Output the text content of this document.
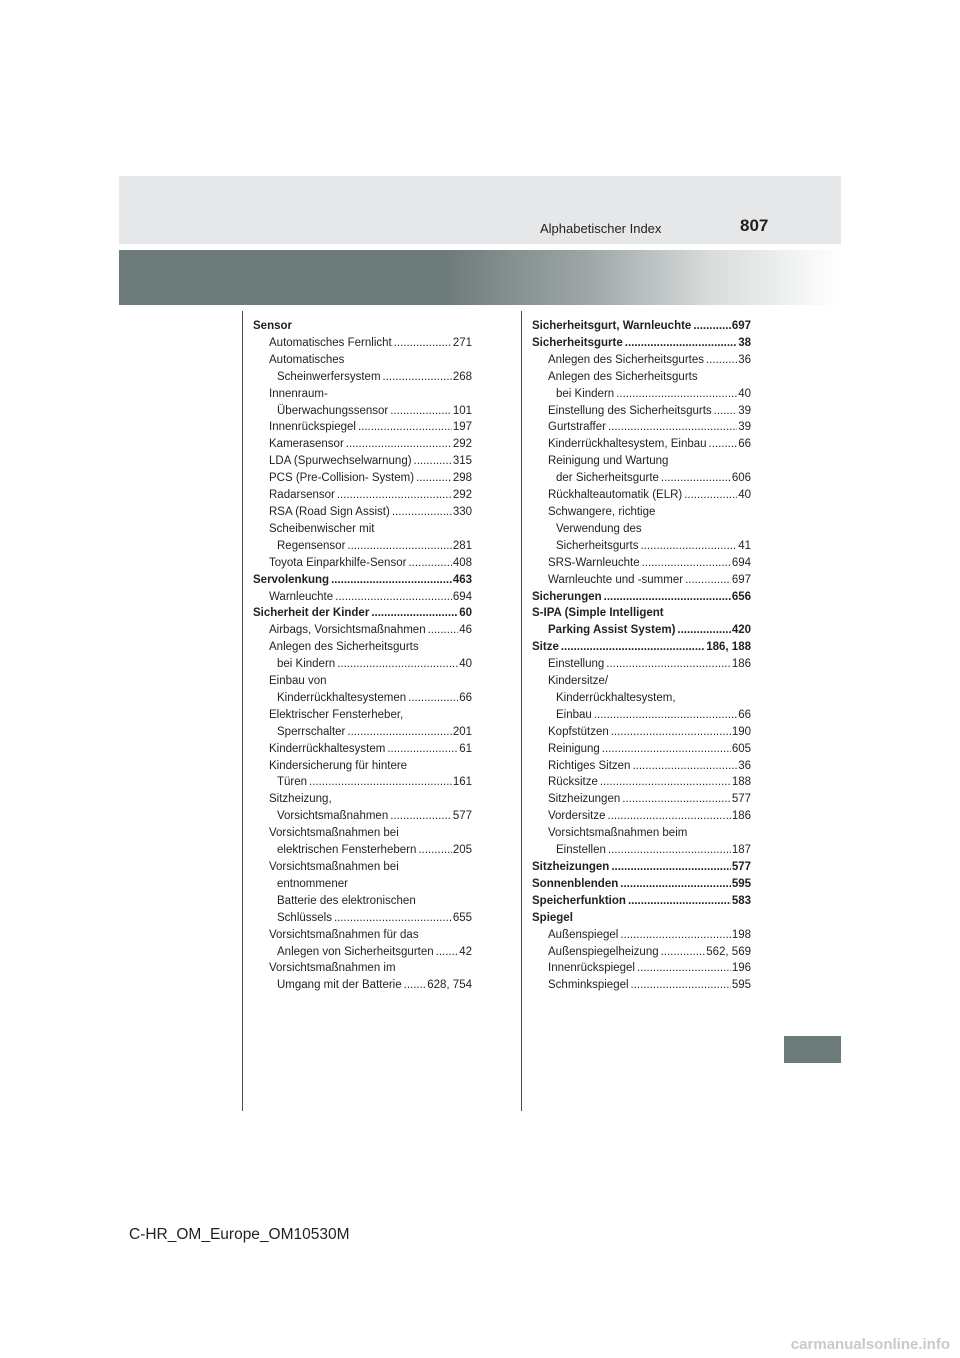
Alphabetischer Index	807
Sensor
Automatisches Fernlicht . . .	271
Automatisches
Scheinwerfersystem . . .	268
Innenraum-
Überwachungssensor . . .	101
Innenrückspiegel . . .	197
Kamerasensor . . .	292
LDA (Spurwechselwarnung) . . .	315
PCS (Pre-Collision- System) . . .	298
Radarsensor . . .	292
RSA (Road Sign Assist) . . .	330
Scheibenwischer mit
Regensensor . . .	281
Toyota Einparkhilfe-Sensor . . .	408
Servolenkung . . .	463
Warnleuchte . . .	694
Sicherheit der Kinder . . .	60
Airbags, Vorsichtsmaßnahmen . . .	46
Anlegen des Sicherheitsgurts
bei Kindern . . .	40
Einbau von
Kinderrückhaltesystemen . . .	66
Elektrischer Fensterheber,
Sperrschalter . . .	201
Kinderrückhaltesystem . . .	61
Kindersicherung für hintere
Türen . . .	161
Sitzheizung,
Vorsichtsmaßnahmen . . .	577
Vorsichtsmaßnahmen bei
elektrischen Fensterhebern . . .	205
Vorsichtsmaßnahmen bei
entnommener
Batterie des elektronischen
Schlüssels . . .	655
Vorsichtsmaßnahmen für das
Anlegen von Sicherheitsgurten . . . 42
Vorsichtsmaßnahmen im
Umgang mit der Batterie . . . 628, 754
Sicherheitsgurt, Warnleuchte . . .	697
Sicherheitsgurte . . .	38
Anlegen des Sicherheitsgurtes . . .	36
Anlegen des Sicherheitsgurts
bei Kindern . . .	40
Einstellung des Sicherheitsgurts . . . 39
Gurtstraffer . . .	39
Kinderrückhaltesystem, Einbau . . .	66
Reinigung und Wartung
der Sicherheitsgurte . . .	606
Rückhalteautomatik (ELR) . . .	40
Schwangere, richtige
Verwendung des
Sicherheitsgurts . . .	41
SRS-Warnleuchte . . .	694
Warnleuchte und -summer . . .	697
Sicherungen . . .	656
S-IPA (Simple Intelligent
Parking Assist System) . . .	420
Sitze . . .	186, 188
Einstellung . . .	186
Kindersitze/
Kinderrückhaltesystem,
Einbau . . .	66
Kopfstützen . . .	190
Reinigung . . .	605
Richtiges Sitzen . . .	36
Rücksitze . . .	188
Sitzheizungen . . .	577
Vordersitze . . .	186
Vorsichtsmaßnahmen beim
Einstellen . . .	187
Sitzheizungen . . .	577
Sonnenblenden . . .	595
Speicherfunktion . . .	583
Spiegel
Außenspiegel . . .	198
Außenspiegelheizung . . .	562, 569
Innenrückspiegel . . .	196
Schminkspiegel . . .	595
C-HR_OM_Europe_OM10530M
carmanualsonline.info
